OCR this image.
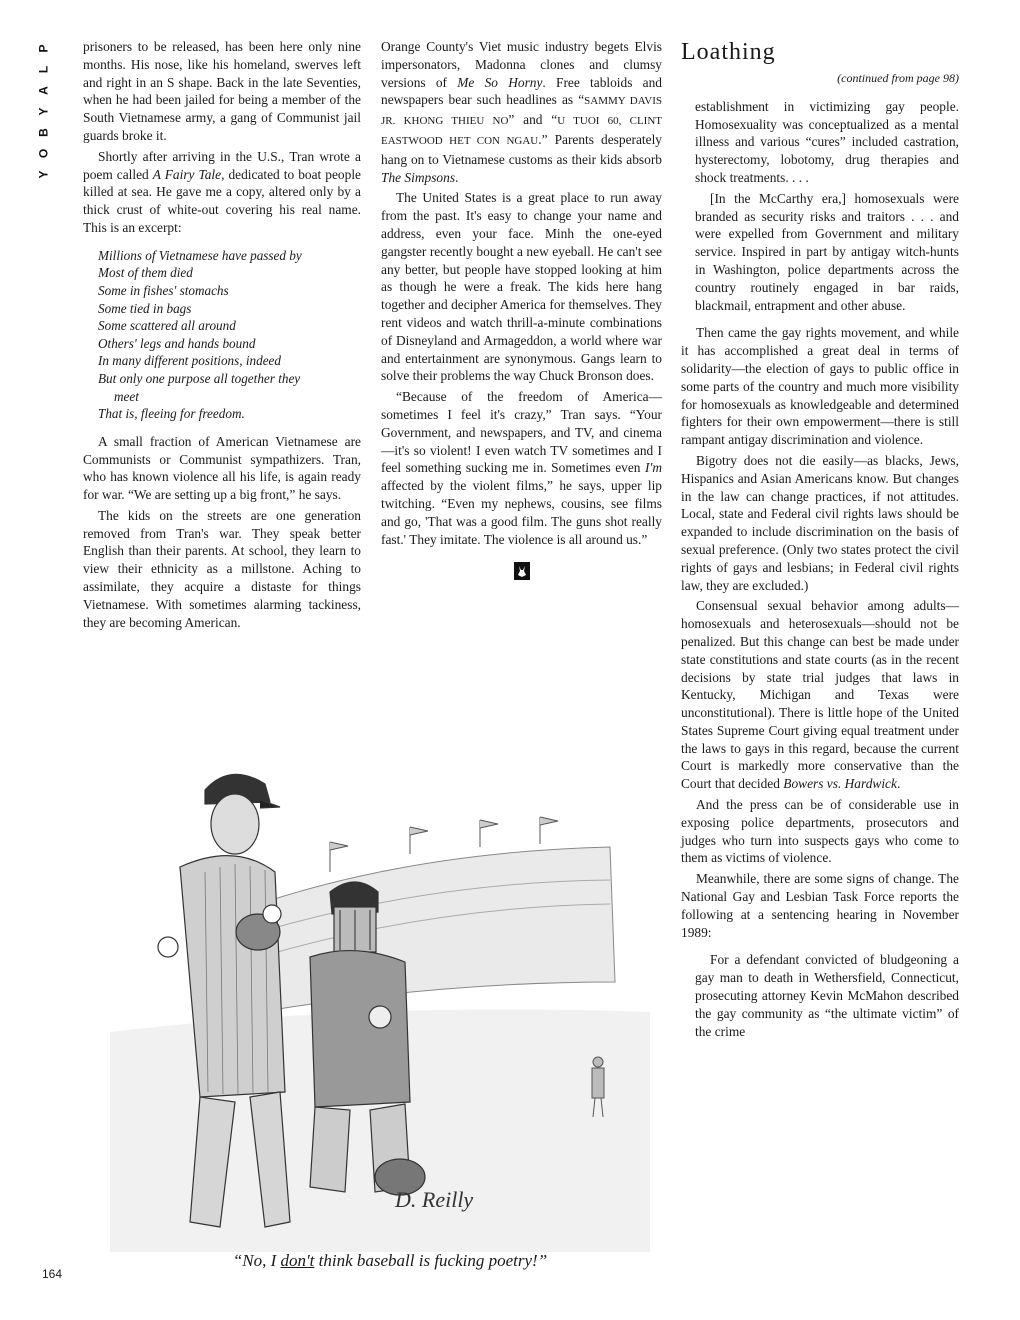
P
L
A
Y
B
O
Y

prisoners to be released, has been here only nine months. His nose, like his homeland, swerves left and right in an S shape. Back in the late Seventies, when he had been jailed for being a member of the South Vietnamese army, a gang of Communist jail guards broke it.

Shortly after arriving in the U.S., Tran wrote a poem called A Fairy Tale, dedicated to boat people killed at sea. He gave me a copy, altered only by a thick crust of white-out covering his real name. This is an excerpt:

Millions of Vietnamese have passed by
Most of them died
Some in fishes' stomachs
Some tied in bags
Some scattered all around
Others' legs and hands bound
In many different positions, indeed
But only one purpose all together they
meet
That is, fleeing for freedom.

A small fraction of American Vietnamese are Communists or Communist sympathizers. Tran, who has known violence all his life, is again ready for war. “We are setting up a big front,” he says.

The kids on the streets are one generation removed from Tran's war. They speak better English than their parents. At school, they learn to view their ethnicity as a millstone. Aching to assimilate, they acquire a distaste for things Vietnamese. With sometimes alarming tackiness, they are becoming American.

Orange County's Viet music industry begets Elvis impersonators, Madonna clones and clumsy versions of Me So Horny. Free tabloids and newspapers bear such headlines as “SAMMY DAVIS JR. KHONG THIEU NO” and “U TUOI 60, CLINT EASTWOOD HET CON NGAU.” Parents desperately hang on to Vietnamese customs as their kids absorb The Simpsons.

The United States is a great place to run away from the past. It's easy to change your name and address, even your face. Minh the one-eyed gangster recently bought a new eyeball. He can't see any better, but people have stopped looking at him as though he were a freak. The kids here hang together and decipher America for themselves. They rent videos and watch thrill-a-minute combinations of Disneyland and Armageddon, a world where war and entertainment are synonymous. Gangs learn to solve their problems the way Chuck Bronson does.

“Because of the freedom of America—sometimes I feel it's crazy,” Tran says. “Your Government, and newspapers, and TV, and cinema—it's so violent! I even watch TV sometimes and I feel something sucking me in. Sometimes even I'm affected by the violent films,” he says, upper lip twitching. “Even my nephews, cousins, see films and go, 'That was a good film. The guns shot really fast.' They imitate. The violence is all around us.”

Loathing
(continued from page 98)

establishment in victimizing gay people. Homosexuality was conceptualized as a mental illness and various “cures” included castration, hysterectomy, lobotomy, drug therapies and shock treatments. . . .

[In the McCarthy era,] homosexuals were branded as security risks and traitors . . . and were expelled from Government and military service. Inspired in part by antigay witch-hunts in Washington, police departments across the country routinely engaged in bar raids, blackmail, entrapment and other abuse.

Then came the gay rights movement, and while it has accomplished a great deal in terms of solidarity—the election of gays to public office in some parts of the country and much more visibility for homosexuals as knowledgeable and determined fighters for their own empowerment—there is still rampant antigay discrimination and violence.

Bigotry does not die easily—as blacks, Jews, Hispanics and Asian Americans know. But changes in the law can change practices, if not attitudes. Local, state and Federal civil rights laws should be expanded to include discrimination on the basis of sexual preference. (Only two states protect the civil rights of gays and lesbians; in Federal civil rights law, they are excluded.)

Consensual sexual behavior among adults—homosexuals and heterosexuals—should not be penalized. But this change can best be made under state constitutions and state courts (as in the recent decisions by state trial judges that laws in Kentucky, Michigan and Texas were unconstitutional). There is little hope of the United States Supreme Court giving equal treatment under the laws to gays in this regard, because the current Court is markedly more conservative than the Court that decided Bowers vs. Hardwick.

And the press can be of considerable use in exposing police departments, prosecutors and judges who turn into suspects gays who come to them as victims of violence.

Meanwhile, there are some signs of change. The National Gay and Lesbian Task Force reports the following at a sentencing hearing in November 1989:

For a defendant convicted of bludgeoning a gay man to death in Wethersfield, Connecticut, prosecuting attorney Kevin McMahon described the gay community as “the ultimate victim” of the crime

D. Reilly
“No, I don't think baseball is fucking poetry!”
164
